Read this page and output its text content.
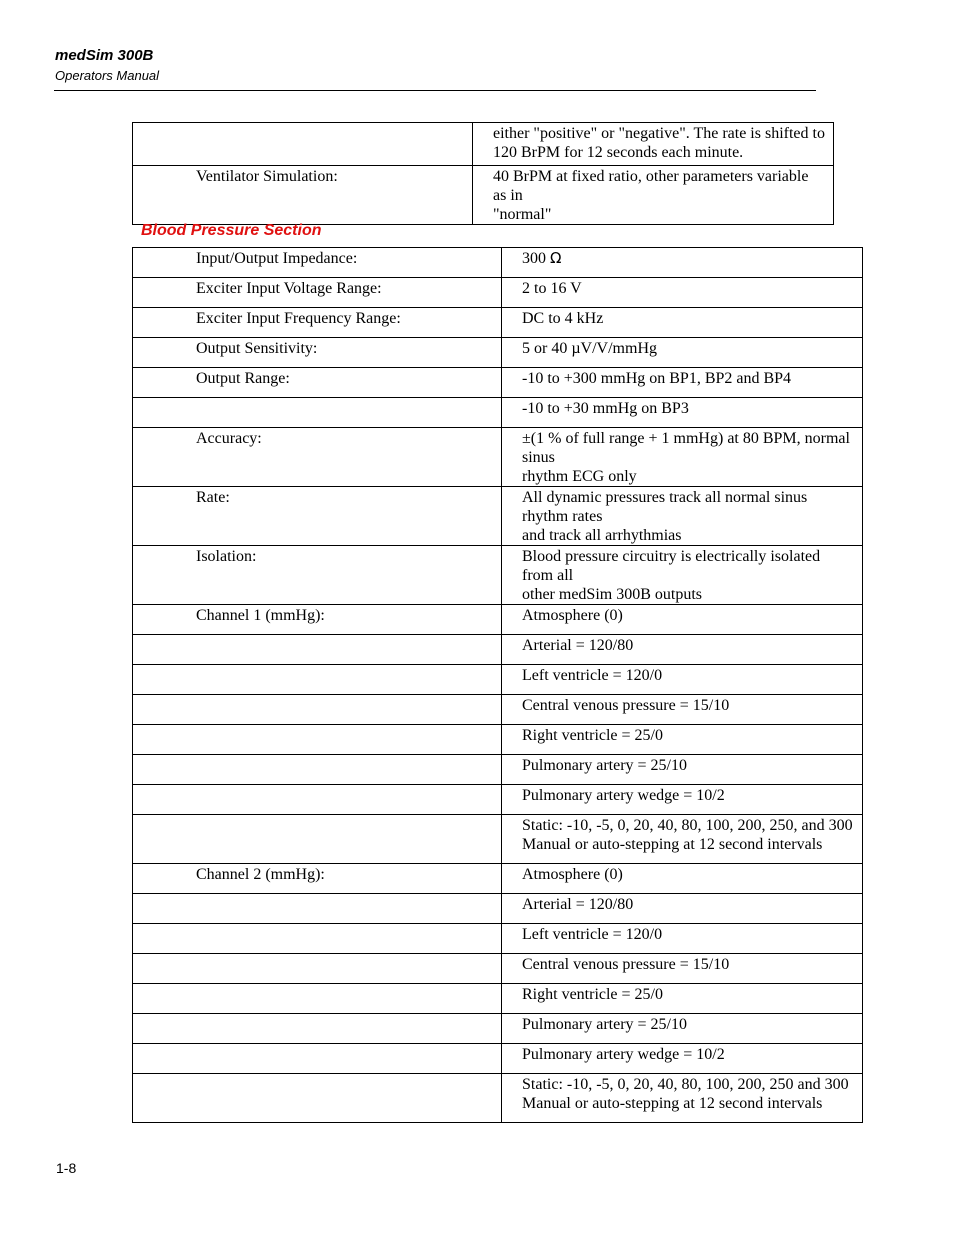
medSim 300B
Operators Manual

	either "positive" or "negative". The rate is shifted to
120 BrPM for 12 seconds each minute.

Ventilator Simulation:	40 BrPM at fixed ratio, other parameters variable as in
"normal"
Blood Pressure Section
Input/Output Impedance:	300 Ω
Exciter Input Voltage Range:	2 to 16 V
Exciter Input Frequency Range:	DC to 4 kHz
Output Sensitivity:	5 or 40 µV/V/mmHg
Output Range:	-10 to +300 mmHg on BP1, BP2 and BP4
	-10 to +30 mmHg on BP3
Accuracy:	±(1 % of full range + 1 mmHg) at 80 BPM, normal sinus
rhythm ECG only

Rate:	All dynamic pressures track all normal sinus rhythm rates
and track all arrhythmias

Isolation:	Blood pressure circuitry is electrically isolated from all
other medSim 300B outputs

Channel 1 (mmHg):	Atmosphere (0)
	Arterial = 120/80
	Left ventricle = 120/0
	Central venous pressure = 15/10
	Right ventricle = 25/0
	Pulmonary artery = 25/10
	Pulmonary artery wedge = 10/2

	Static: -10, -5, 0, 20, 40, 80, 100, 200, 250, and 300
Manual or auto-stepping at 12 second intervals

Channel 2 (mmHg):	Atmosphere (0)
	Arterial = 120/80
	Left ventricle = 120/0
	Central venous pressure = 15/10
	Right ventricle = 25/0
	Pulmonary artery = 25/10
	Pulmonary artery wedge = 10/2

	Static: -10, -5, 0, 20, 40, 80, 100, 200, 250 and 300
Manual or auto-stepping at 12 second intervals
1-8
